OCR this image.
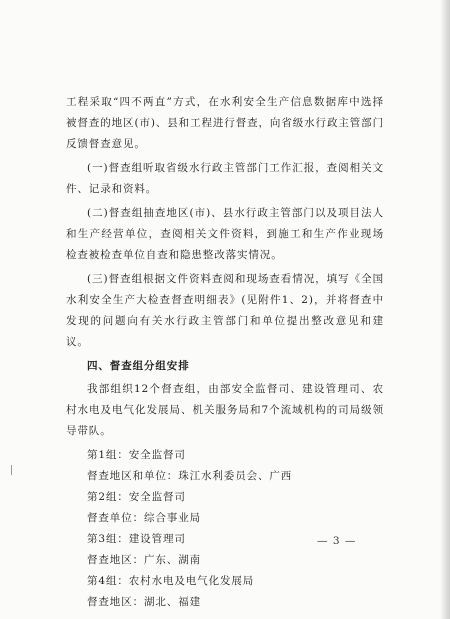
工程采取“四不两直”方式，在水利安全生产信息数据库中选择被督查的地区(市)、县和工程进行督查，向省级水行政主管部门反馈督查意见。

(一)督查组听取省级水行政主管部门工作汇报，查阅相关文件、记录和资料。

(二)督查组抽查地区(市)、县水行政主管部门以及项目法人和生产经营单位，查阅相关文件资料，到施工和生产作业现场检查被检查单位自查和隐患整改落实情况。

(三)督查组根据文件资料查阅和现场查看情况，填写《全国水利安全生产大检查督查明细表》(见附件1、2)，并将督查中发现的问题向有关水行政主管部门和单位提出整改意见和建议。

四、督查组分组安排

我部组织12个督查组，由部安全监督司、建设管理司、农村水电及电气化发展局、机关服务局和7个流域机构的司局级领导带队。

第1组：安全监督司

督查地区和单位：珠江水利委员会、广西

第2组：安全监督司

督查单位：综合事业局

第3组：建设管理司

督查地区：广东、湖南

第4组：农村水电及电气化发展局

督查地区：湖北、福建

— 3 —
